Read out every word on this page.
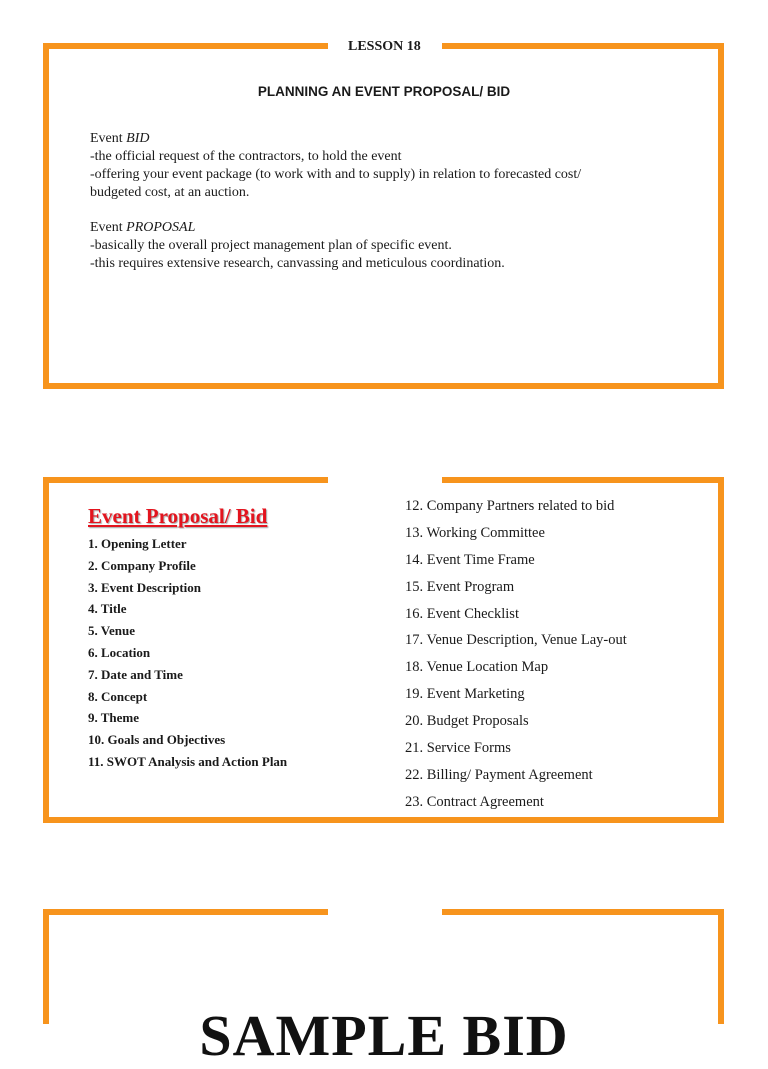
LESSON 18
PLANNING AN EVENT PROPOSAL/ BID
Event BID
-the official request of the contractors, to hold the event
-offering your event package (to work with and to supply) in relation to forecasted cost/
budgeted cost, at an auction.
Event PROPOSAL
-basically the overall project management plan of specific event.
-this requires extensive research, canvassing and meticulous coordination.
Event Proposal/ Bid
1. Opening Letter
2. Company Profile
3. Event Description
4. Title
5. Venue
6. Location
7. Date and Time
8. Concept
9. Theme
10. Goals and Objectives
11. SWOT Analysis and Action Plan
12. Company Partners related to bid
13. Working Committee
14. Event Time Frame
15. Event Program
16. Event Checklist
17. Venue Description, Venue Lay-out
18. Venue Location Map
19. Event Marketing
20. Budget Proposals
21. Service Forms
22. Billing/ Payment Agreement
23. Contract Agreement
SAMPLE BID
